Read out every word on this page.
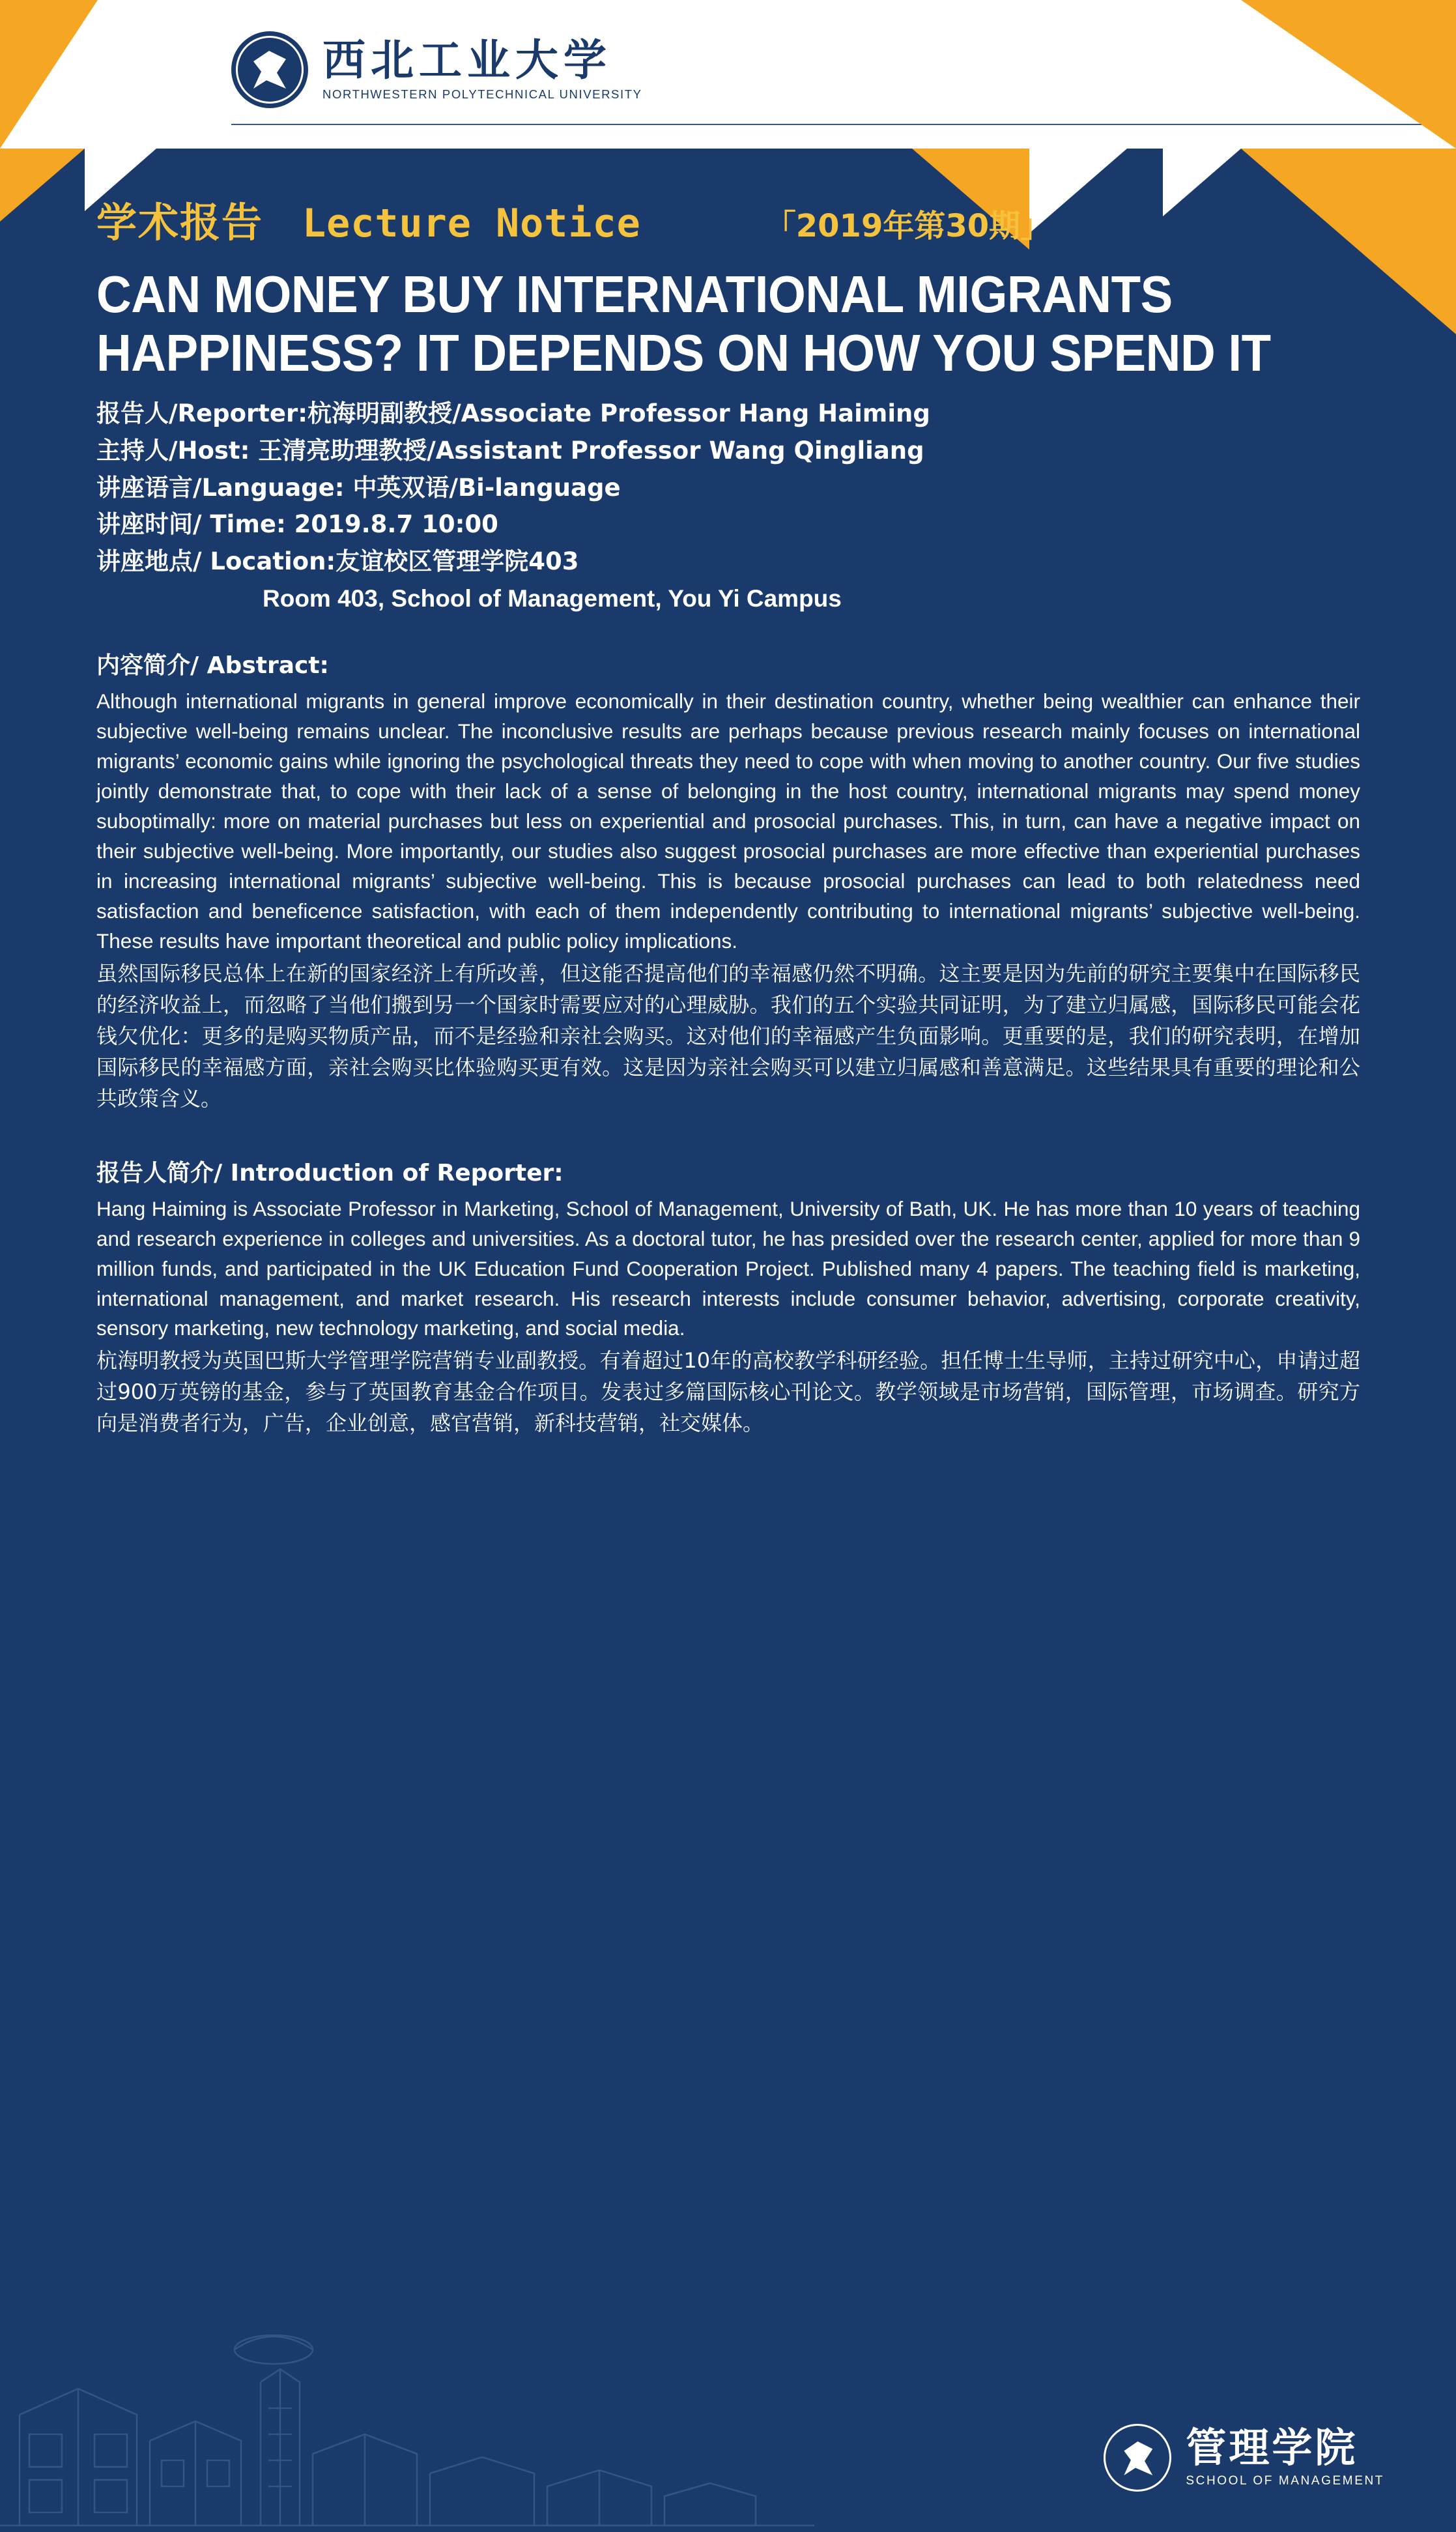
西北工业大学
NORTHWESTERN POLYTECHNICAL UNIVERSITY
学术报告 Lecture Notice	「2019年第30期」
CAN MONEY BUY INTERNATIONAL MIGRANTS HAPPINESS? IT DEPENDS ON HOW YOU SPEND IT
报告人/Reporter:杭海明副教授/Associate Professor Hang Haiming
主持人/Host: 王清亮助理教授/Assistant Professor Wang Qingliang
讲座语言/Language: 中英双语/Bi-language
讲座时间/ Time: 2019.8.7 10:00
讲座地点/ Location:友谊校区管理学院403
Room 403, School of Management, You Yi Campus
内容简介/ Abstract:
Although international migrants in general improve economically in their destination country, whether being wealthier can enhance their subjective well-being remains unclear. The inconclusive results are perhaps because previous research mainly focuses on international migrants’ economic gains while ignoring the psychological threats they need to cope with when moving to another country. Our five studies jointly demonstrate that, to cope with their lack of a sense of belonging in the host country, international migrants may spend money suboptimally: more on material purchases but less on experiential and prosocial purchases. This, in turn, can have a negative impact on their subjective well-being. More importantly, our studies also suggest prosocial purchases are more effective than experiential purchases in increasing international migrants’ subjective well-being. This is because prosocial purchases can lead to both relatedness need satisfaction and beneficence satisfaction, with each of them independently contributing to international migrants’ subjective well-being. These results have important theoretical and public policy implications.
虽然国际移民总体上在新的国家经济上有所改善，但这能否提高他们的幸福感仍然不明确。这主要是因为先前的研究主要集中在国际移民的经济收益上，而忽略了当他们搬到另一个国家时需要应对的心理威胁。我们的五个实验共同证明，为了建立归属感，国际移民可能会花钱欠优化：更多的是购买物质产品，而不是经验和亲社会购买。这对他们的幸福感产生负面影响。更重要的是，我们的研究表明，在增加国际移民的幸福感方面，亲社会购买比体验购买更有效。这是因为亲社会购买可以建立归属感和善意满足。这些结果具有重要的理论和公共政策含义。
报告人简介/ Introduction of Reporter:
Hang Haiming is Associate Professor in Marketing, School of Management, University of Bath, UK. He has more than 10 years of teaching and research experience in colleges and universities. As a doctoral tutor, he has presided over the research center, applied for more than 9 million funds, and participated in the UK Education Fund Cooperation Project. Published many 4 papers. The teaching field is marketing, international management, and market research. His research interests include consumer behavior, advertising, corporate creativity, sensory marketing, new technology marketing, and social media.
杭海明教授为英国巴斯大学管理学院营销专业副教授。有着超过10年的高校教学科研经验。担任博士生导师，主持过研究中心，申请过超过900万英镑的基金，参与了英国教育基金合作项目。发表过多篇国际核心刊论文。教学领域是市场营销，国际管理，市场调查。研究方向是消费者行为，广告，企业创意，感官营销，新科技营销，社交媒体。
管理学院
SCHOOL OF MANAGEMENT
